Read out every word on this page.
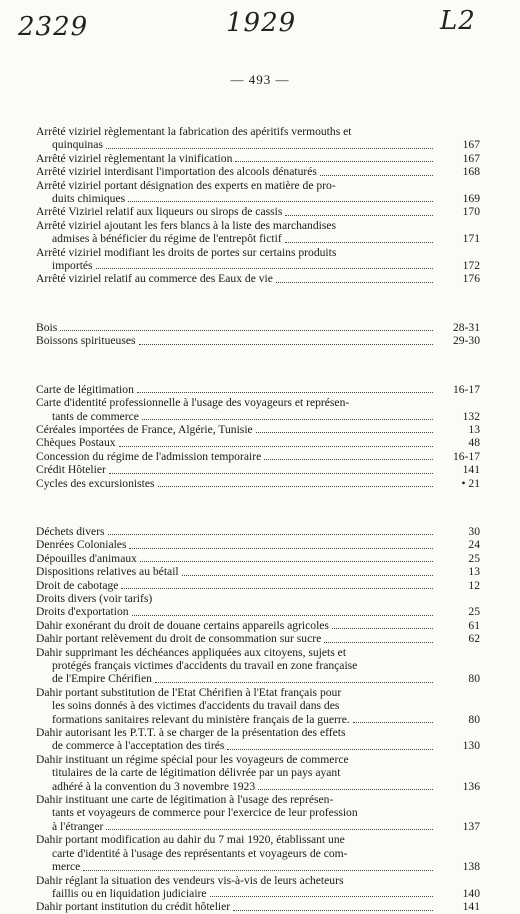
2329	1929	L2
— 493 —
Arrêté viziriel règlementant la fabrication des apéritifs vermouths et
quinquinas	167
Arrêté viziriel règlementant la vinification	167
Arrêté viziriel interdisant l'importation des alcools dénaturés	168
Arrêté viziriel portant désignation des experts en matière de pro-
duits chimiques	169
Arrêté Viziriel relatif aux liqueurs ou sirops de cassis	170
Arrêté viziriel ajoutant les fers blancs à la liste des marchandises
admises à bénéficier du régime de l'entrepôt fictif	171
Arrêté viziriel modifiant les droits de portes sur certains produits
importés	172
Arrêté viziriel relatif au commerce des Eaux de vie	176
Bois	28-31
Boissons spiritueuses	29-30
Carte de légitimation	16-17
Carte d'identité professionnelle à l'usage des voyageurs et représen-
tants de commerce	132
Céréales importées de France, Algérie, Tunisie	13
Chèques Postaux	48
Concession du régime de l'admission temporaire	16-17
Crédit Hôtelier	141
Cycles des excursionistes	• 21
Déchets divers	30
Denrées Coloniales	24
Dépouilles d'animaux	25
Dispositions relatives au bétail	13
Droit de cabotage	12
Droits divers (voir tarifs)
Droits d'exportation	25
Dahir exonérant du droit de douane certains appareils agricoles	61
Dahir portant relèvement du droit de consommation sur sucre	62
Dahir supprimant les déchéances appliquées aux citoyens, sujets et
protégés français victimes d'accidents du travail en zone française
de l'Empire Chérifien	80
Dahir portant substitution de l'Etat Chérifien à l'Etat français pour
les soins donnés à des victimes d'accidents du travail dans des
formations sanitaires relevant du ministère français de la guerre.	80
Dahir autorisant les P.T.T. à se charger de la présentation des effets
de commerce à l'acceptation des tirés	130
Dahir instituant un régime spécial pour les voyageurs de commerce
titulaires de la carte de légitimation délivrée par un pays ayant
adhéré à la convention du 3 novembre 1923	136
Dahir instituant une carte de légitimation à l'usage des représen-
tants et voyageurs de commerce pour l'exercice de leur profession
à l'étranger	137
Dahir portant modification au dahir du 7 mai 1920, établissant une
carte d'identité à l'usage des représentants et voyageurs de com-
merce	138
Dahir réglant la situation des vendeurs vis-à-vis de leurs acheteurs
faillis ou en liquidation judiciaire	140
Dahir portant institution du crédit hôtelier	141
